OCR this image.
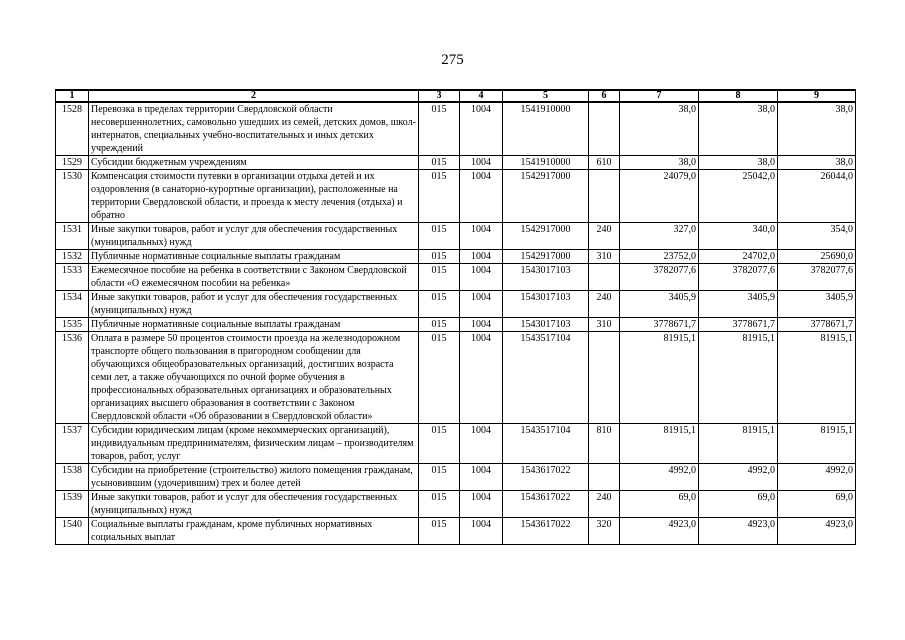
275
1	2	3	4	5	6	7	8	9
1528	Перевозка в пределах территории Свердловской области несовершеннолетних, самовольно ушедших из семей, детских домов, школ-интернатов, специальных учебно-воспитательных и иных детских учреждений	015	1004	1541910000		38,0	38,0	38,0
1529	Субсидии бюджетным учреждениям	015	1004	1541910000	610	38,0	38,0	38,0
1530	Компенсация стоимости путевки в организации отдыха детей и их оздоровления (в санаторно-курортные организации), расположенные на территории Свердловской области, и проезда к месту лечения (отдыха) и обратно	015	1004	1542917000		24079,0	25042,0	26044,0
1531	Иные закупки товаров, работ и услуг для обеспечения государственных (муниципальных) нужд	015	1004	1542917000	240	327,0	340,0	354,0
1532	Публичные нормативные социальные выплаты гражданам	015	1004	1542917000	310	23752,0	24702,0	25690,0
1533	Ежемесячное пособие на ребенка в соответствии с Законом Свердловской области «О ежемесячном пособии на ребенка»	015	1004	1543017103		3782077,6	3782077,6	3782077,6
1534	Иные закупки товаров, работ и услуг для обеспечения государственных (муниципальных) нужд	015	1004	1543017103	240	3405,9	3405,9	3405,9
1535	Публичные нормативные социальные выплаты гражданам	015	1004	1543017103	310	3778671,7	3778671,7	3778671,7
1536	Оплата в размере 50 процентов стоимости проезда на железнодорожном транспорте общего пользования в пригородном сообщении для обучающихся общеобразовательных организаций, достигших возраста семи лет, а также обучающихся по очной форме обучения в профессиональных образовательных организациях и образовательных организациях высшего образования в соответствии с Законом Свердловской области «Об образовании в Свердловской области»	015	1004	1543517104		81915,1	81915,1	81915,1
1537	Субсидии юридическим лицам (кроме некоммерческих организаций), индивидуальным предпринимателям, физическим лицам – производителям товаров, работ, услуг	015	1004	1543517104	810	81915,1	81915,1	81915,1
1538	Субсидии на приобретение (строительство) жилого помещения гражданам, усыновившим (удочерившим) трех и более детей	015	1004	1543617022		4992,0	4992,0	4992,0
1539	Иные закупки товаров, работ и услуг для обеспечения государственных (муниципальных) нужд	015	1004	1543617022	240	69,0	69,0	69,0
1540	Социальные выплаты гражданам, кроме публичных нормативных социальных выплат	015	1004	1543617022	320	4923,0	4923,0	4923,0
